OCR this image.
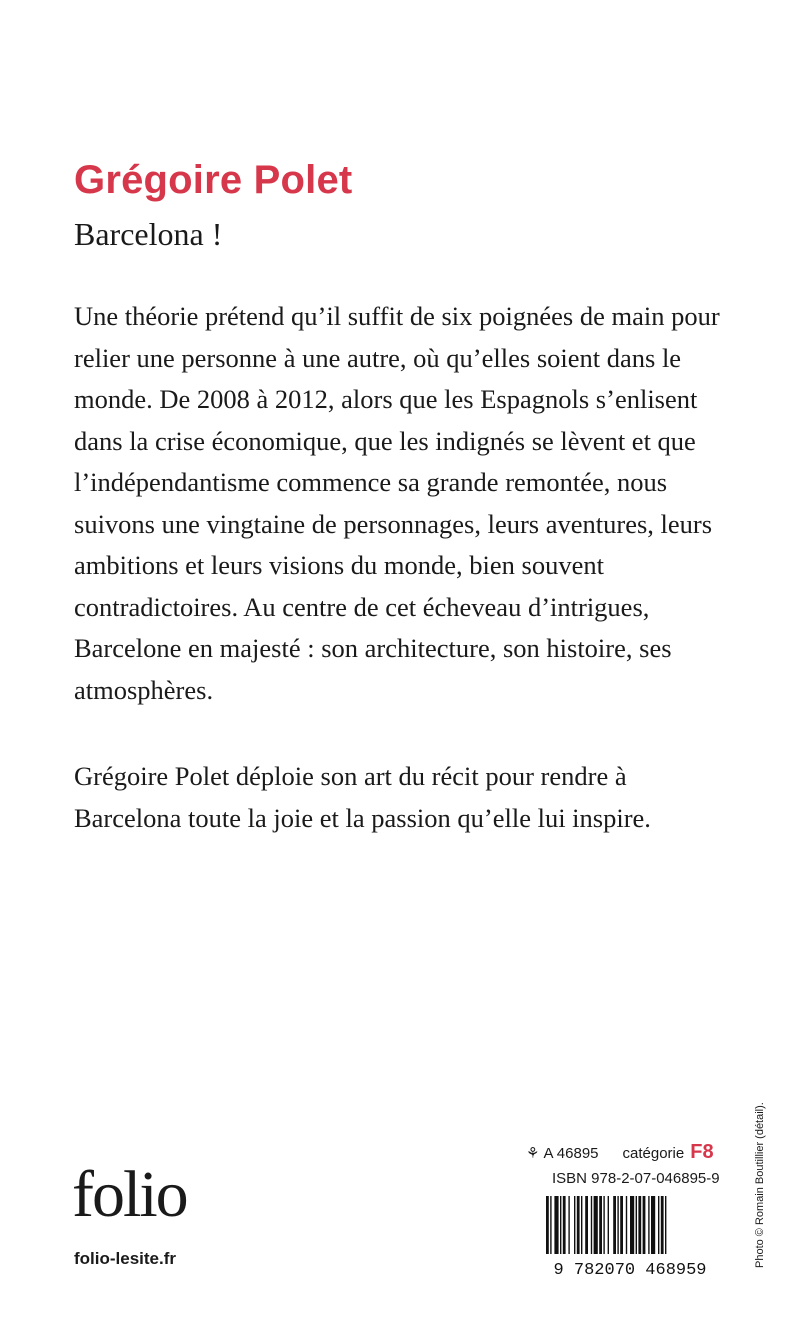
Grégoire Polet
Barcelona !

Une théorie prétend qu’il suffit de six poignées de main pour relier une personne à une autre, où qu’elles soient dans le monde. De 2008 à 2012, alors que les Espagnols s’enlisent dans la crise économique, que les indignés se lèvent et que l’indépendantisme commence sa grande remontée, nous suivons une vingtaine de personnages, leurs aventures, leurs ambitions et leurs visions du monde, bien souvent contradictoires. Au centre de cet écheveau d’intrigues, Barcelone en majesté : son architecture, son histoire, ses atmosphères.

Grégoire Polet déploie son art du récit pour rendre à Barcelona toute la joie et la passion qu’elle lui inspire.

folio
folio-lesite.fr
⚘ A 46895 catégorie F8
ISBN 978-2-07-046895-9
9 782070 468959
Photo © Romain Boutillier (détail).
